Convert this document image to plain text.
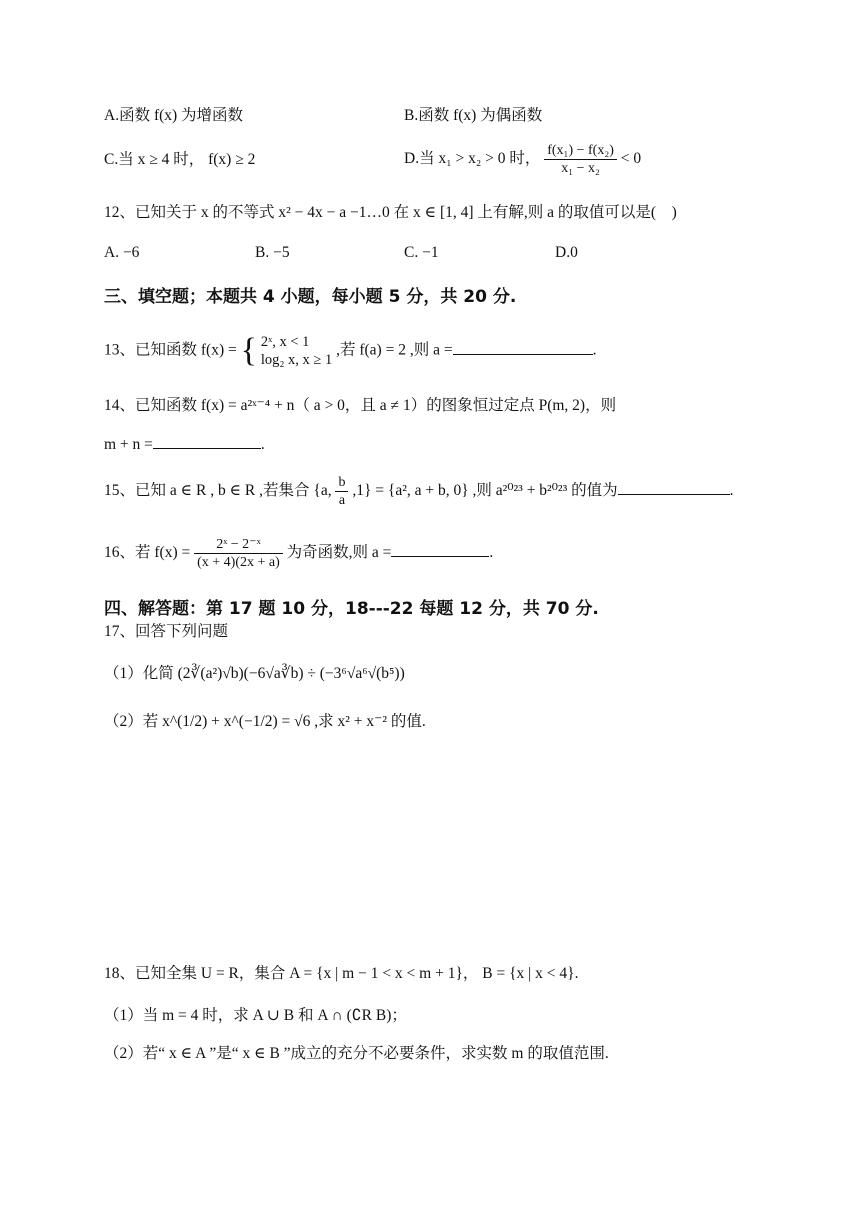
A.函数 f(x) 为增函数	B.函数 f(x) 为偶函数
C.当 x ≥ 4 时， f(x) ≥ 2	D.当 x₁ > x₂ > 0 时， $\frac{\text{f(x₁) − f(x₂)}}{\text{x₁ − x₂}} < 0$
12、已知关于 x 的不等式 x² − 4x − a −1…0 在 x ∈ [1, 4] 上有解,则 a 的取值可以是(　)
A. −6	B. −5	C. −1	D.0
三、填空题；本题共 4 小题，每小题 5 分，共 20 分.
13、已知函数 f(x) = { 2ˣ, x < 1
log₂ x, x ≥ 1
,若 f(a) = 2 ,则 a =	.
14、已知函数 f(x) = a²ˣ⁻⁴ + n（ a > 0，且 a ≠ 1）的图象恒过定点 P(m, 2)，则
m + n =	.
15、已知 a ∈ R , b ∈ R ,若集合 {a, $\frac{b}{a} ,1\} = \{a^2$, a + b, 0} ,则 a²⁰²³ + b²⁰²³ 的值为	.
16、若 $f(x) = \frac{\text{2ˣ − 2⁻ˣ}}{(x + 4)(2x + a)}$ 为奇函数,则 a =	.
四、解答题：第 17 题 10 分，18---22 每题 12 分，共 70 分.
17、回答下列问题
（1）化简 (2∛(a²)√b)(−6√a∛b) ÷ (−3⁶√a⁶√(b⁵))
（2）若 x^(1/2) + x^(−1/2) = √6 ,求 x² + x⁻² 的值.
18、已知全集 U = R，集合 A = {x | m − 1 < x < m + 1}， B = {x | x < 4}.
（1）当 m = 4 时，求 A ∪ B 和 A ∩ (∁R B)；
（2）若“ x ∈ A ”是“ x ∈ B ”成立的充分不必要条件，求实数 m 的取值范围.
